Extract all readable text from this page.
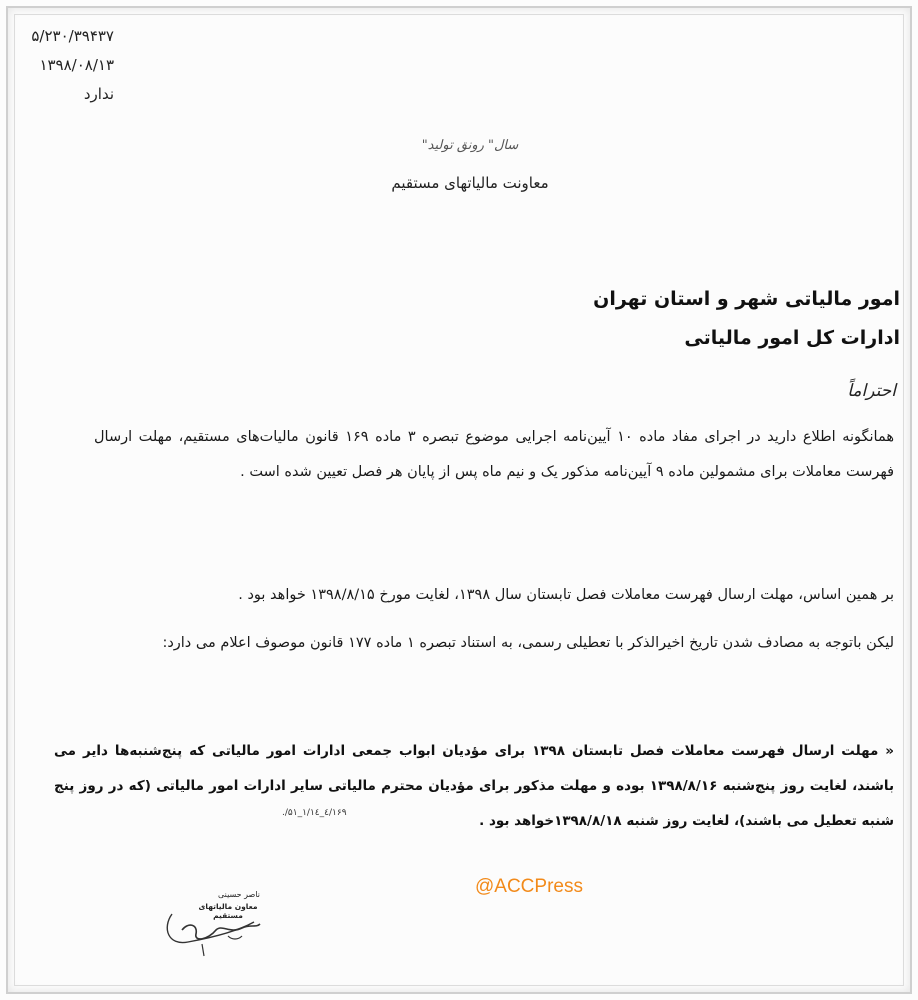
۵/۲۳۰/۳۹۴۳۷
۱۳۹۸/۰۸/۱۳
ندارد
سال" رونق تولید"
معاونت مالیاتهای مستقیم
امور مالیاتی شهر و استان تهران
ادارات کل امور مالیاتی
احتراماً
همانگونه اطلاع دارید در اجرای مفاد ماده ۱۰ آیین‌نامه اجرایی موضوع تبصره ۳ ماده ۱۶۹ قانون مالیات‌های مستقیم، مهلت ارسال فهرست معاملات برای مشمولین ماده ۹ آیین‌نامه مذکور یک و نیم ماه پس از پایان هر فصل تعیین شده است .
بر همین اساس، مهلت ارسال فهرست معاملات فصل تابستان سال ۱۳۹۸، لغایت مورخ ۱۳۹۸/۸/۱۵ خواهد بود .
لیکن باتوجه به مصادف شدن تاریخ اخیرالذکر با تعطیلی رسمی، به استناد تبصره ۱ ماده ۱۷۷ قانون موصوف اعلام می دارد:
« مهلت ارسال فهرست معاملات فصل تابستان ۱۳۹۸ برای مؤدیان ابواب جمعی ادارات امور مالیاتی که پنج‌شنبه‌ها دایر می باشند، لغایت روز پنج‌شنبه ۱۳۹۸/۸/۱۶ بوده و مهلت مذکور برای مؤدیان محترم مالیاتی سایر ادارات امور مالیاتی (که در روز پنج شنبه تعطیل می باشند)، لغایت روز شنبه ۱۳۹۸/۸/۱۸خواهد بود .
۱۶۹/٤_۱٤/۱_۵۱/.
ناصر حسینی
معاون مالیاتهای مستقیم
@ACCPress
